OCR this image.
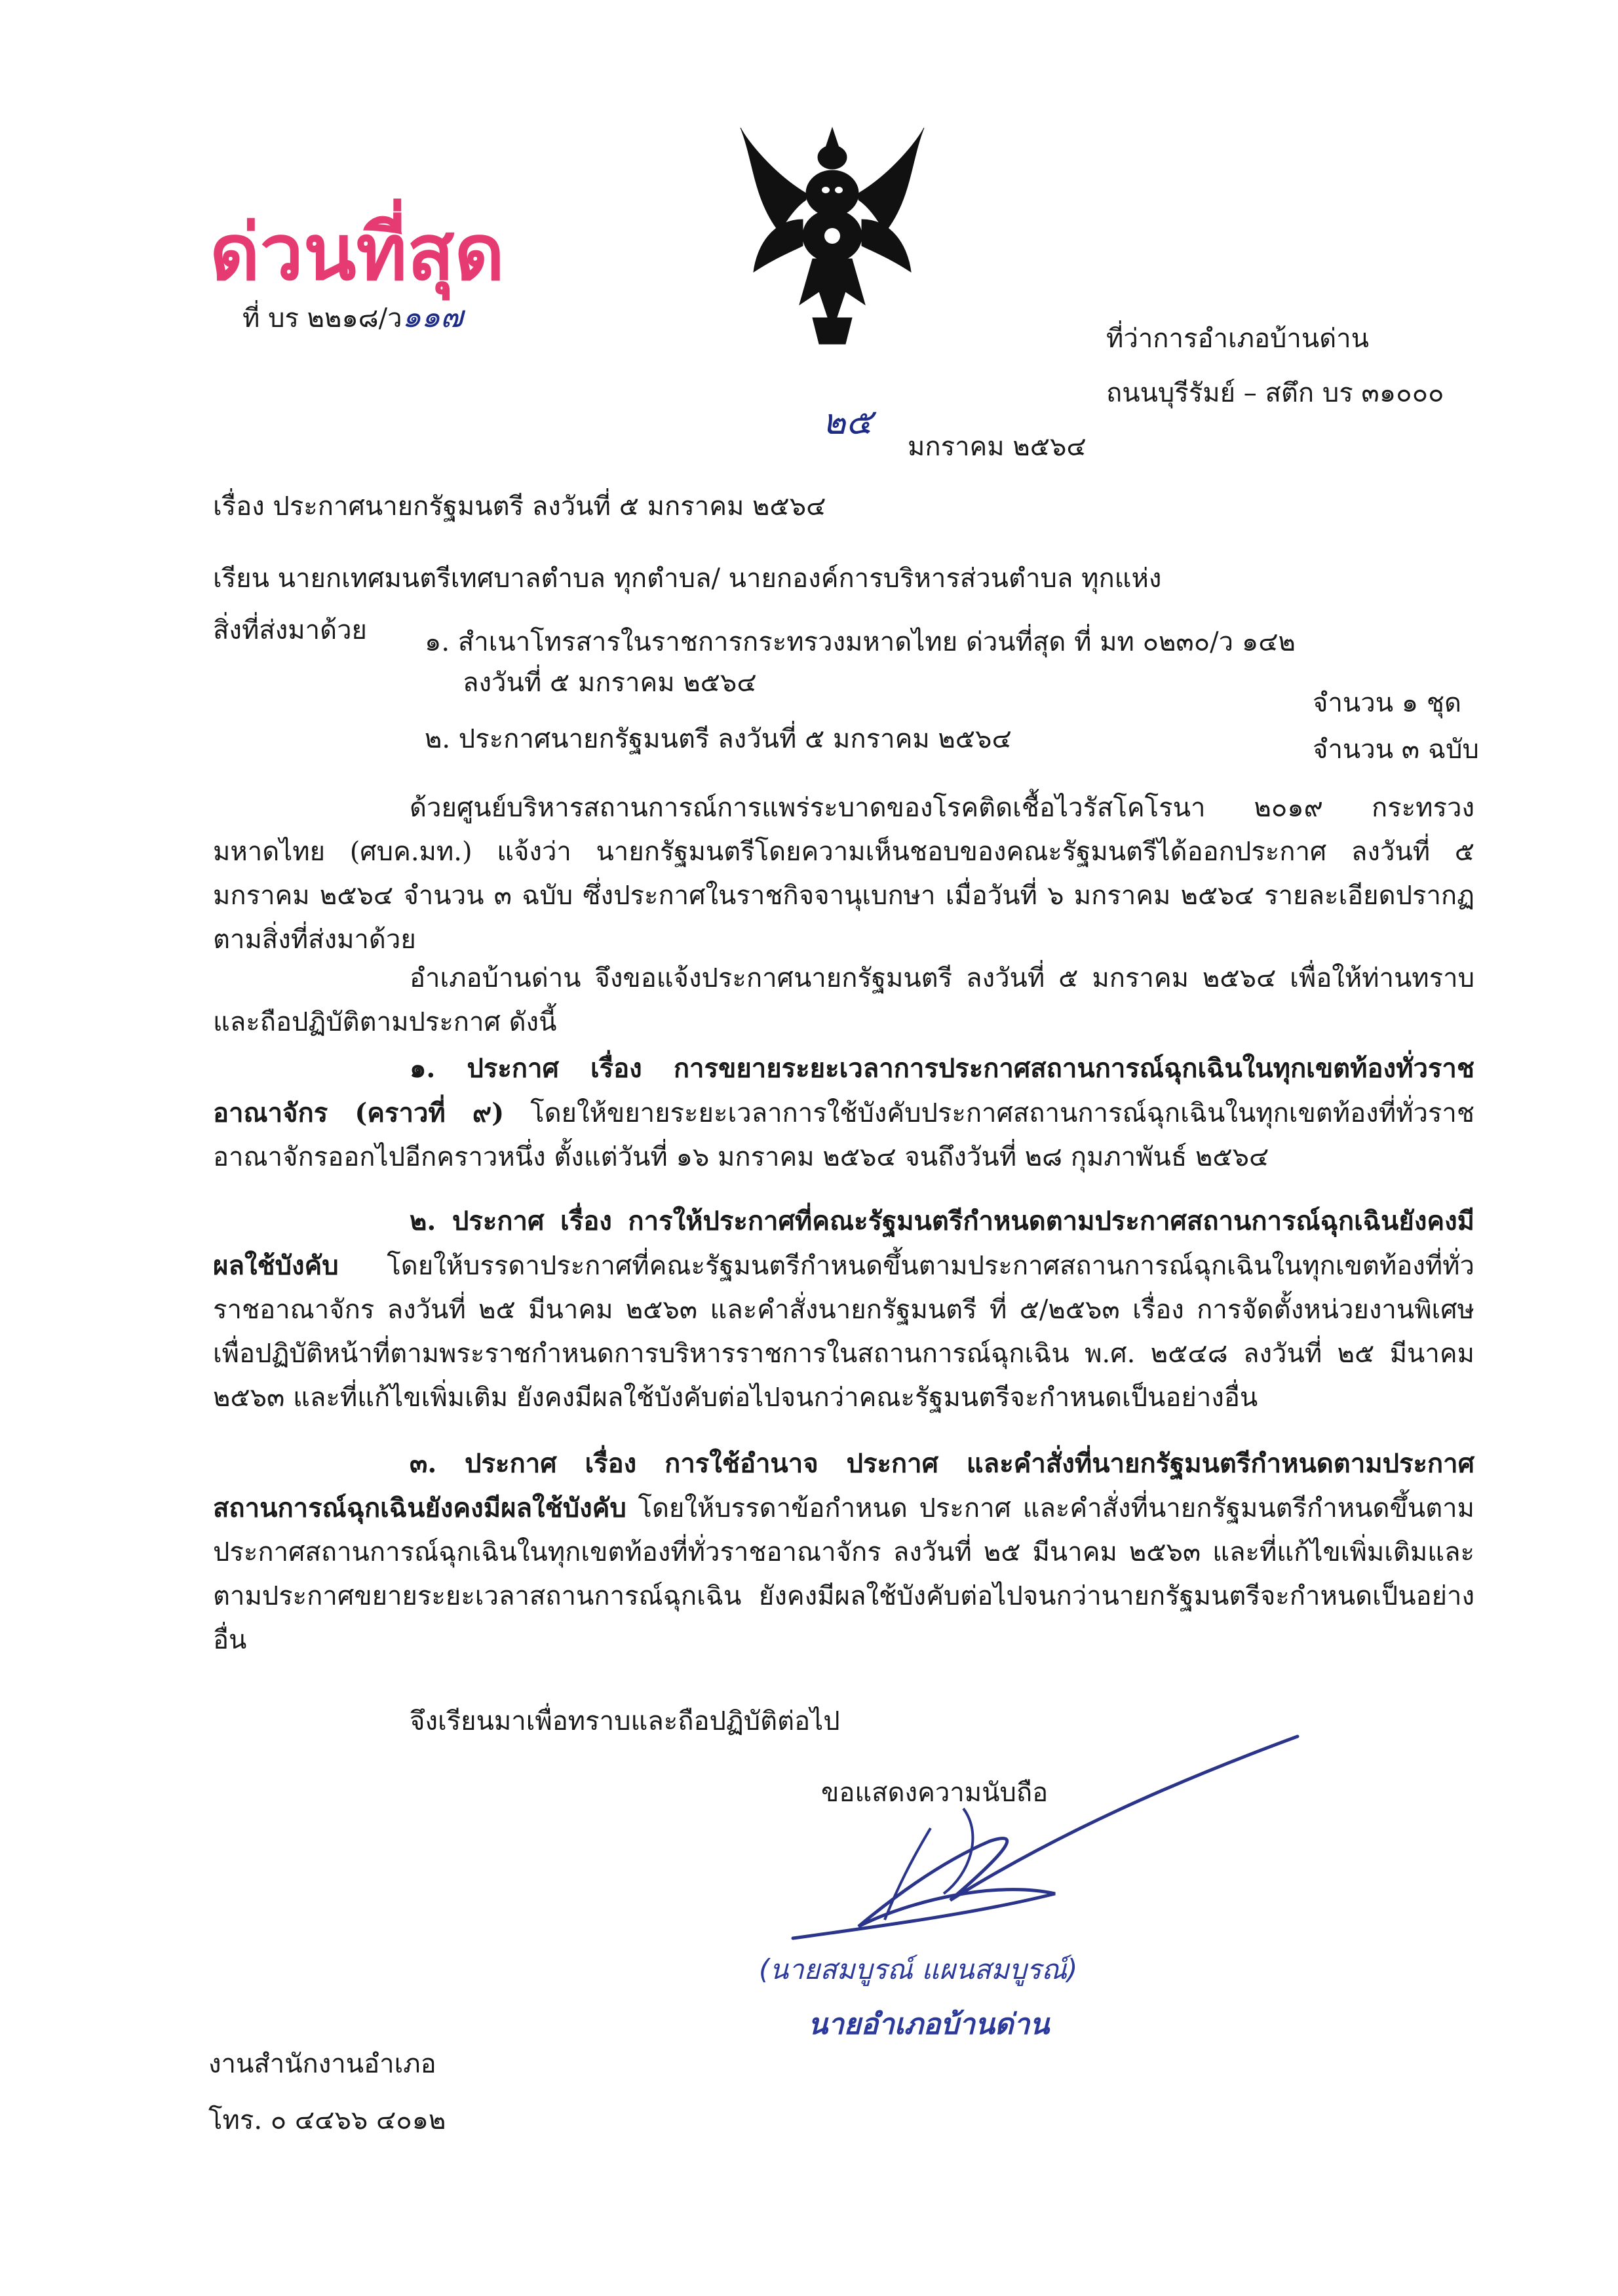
ด่วนที่สุด
ที่ บร ๒๒๑๘/ว๑๑๗
ที่ว่าการอำเภอบ้านด่าน
ถนนบุรีรัมย์ – สตึก บร ๓๑๐๐๐
๒๕
มกราคม ๒๕๖๔
เรื่อง ประกาศนายกรัฐมนตรี ลงวันที่ ๕ มกราคม ๒๕๖๔
เรียน นายกเทศมนตรีเทศบาลตำบล ทุกตำบล/ นายกองค์การบริหารส่วนตำบล ทุกแห่ง
สิ่งที่ส่งมาด้วย ๑. สำเนาโทรสารในราชการกระทรวงมหาดไทย ด่วนที่สุด ที่ มท ๐๒๓๐/ว ๑๔๒
ลงวันที่ ๕ มกราคม ๒๕๖๔
จำนวน ๑ ชุด
๒. ประกาศนายกรัฐมนตรี ลงวันที่ ๕ มกราคม ๒๕๖๔	จำนวน ๓ ฉบับ

ด้วยศูนย์บริหารสถานการณ์การแพร่ระบาดของโรคติดเชื้อไวรัสโคโรนา ๒๐๑๙ กระทรวงมหาดไทย (ศบค.มท.) แจ้งว่า นายกรัฐมนตรีโดยความเห็นชอบของคณะรัฐมนตรีได้ออกประกาศ ลงวันที่ ๕ มกราคม ๒๕๖๔ จำนวน ๓ ฉบับ ซึ่งประกาศในราชกิจจานุเบกษา เมื่อวันที่ ๖ มกราคม ๒๕๖๔ รายละเอียดปรากฏตามสิ่งที่ส่งมาด้วย

อำเภอบ้านด่าน จึงขอแจ้งประกาศนายกรัฐมนตรี ลงวันที่ ๕ มกราคม ๒๕๖๔ เพื่อให้ท่านทราบและถือปฏิบัติตามประกาศ ดังนี้

๑. ประกาศ เรื่อง การขยายระยะเวลาการประกาศสถานการณ์ฉุกเฉินในทุกเขตท้องทั่วราชอาณาจักร (คราวที่ ๙) โดยให้ขยายระยะเวลาการใช้บังคับประกาศสถานการณ์ฉุกเฉินในทุกเขตท้องที่ทั่วราชอาณาจักรออกไปอีกคราวหนึ่ง ตั้งแต่วันที่ ๑๖ มกราคม ๒๕๖๔ จนถึงวันที่ ๒๘ กุมภาพันธ์ ๒๕๖๔

๒. ประกาศ เรื่อง การให้ประกาศที่คณะรัฐมนตรีกำหนดตามประกาศสถานการณ์ฉุกเฉินยังคงมีผลใช้บังคับ โดยให้บรรดาประกาศที่คณะรัฐมนตรีกำหนดขึ้นตามประกาศสถานการณ์ฉุกเฉินในทุกเขตท้องที่ทั่วราชอาณาจักร ลงวันที่ ๒๕ มีนาคม ๒๕๖๓ และคำสั่งนายกรัฐมนตรี ที่ ๕/๒๕๖๓ เรื่อง การจัดตั้งหน่วยงานพิเศษเพื่อปฏิบัติหน้าที่ตามพระราชกำหนดการบริหารราชการในสถานการณ์ฉุกเฉิน พ.ศ. ๒๕๔๘ ลงวันที่ ๒๕ มีนาคม ๒๕๖๓ และที่แก้ไขเพิ่มเติม ยังคงมีผลใช้บังคับต่อไปจนกว่าคณะรัฐมนตรีจะกำหนดเป็นอย่างอื่น

๓. ประกาศ เรื่อง การใช้อำนาจ ประกาศ และคำสั่งที่นายกรัฐมนตรีกำหนดตามประกาศสถานการณ์ฉุกเฉินยังคงมีผลใช้บังคับ โดยให้บรรดาข้อกำหนด ประกาศ และคำสั่งที่นายกรัฐมนตรีกำหนดขึ้นตามประกาศสถานการณ์ฉุกเฉินในทุกเขตท้องที่ทั่วราชอาณาจักร ลงวันที่ ๒๕ มีนาคม ๒๕๖๓ และที่แก้ไขเพิ่มเติมและตามประกาศขยายระยะเวลาสถานการณ์ฉุกเฉิน ยังคงมีผลใช้บังคับต่อไปจนกว่านายกรัฐมนตรีจะกำหนดเป็นอย่างอื่น

จึงเรียนมาเพื่อทราบและถือปฏิบัติต่อไป
ขอแสดงความนับถือ
(นายสมบูรณ์ แผนสมบูรณ์)
นายอำเภอบ้านด่าน
งานสำนักงานอำเภอ
โทร. ๐ ๔๔๖๖ ๔๐๑๒
